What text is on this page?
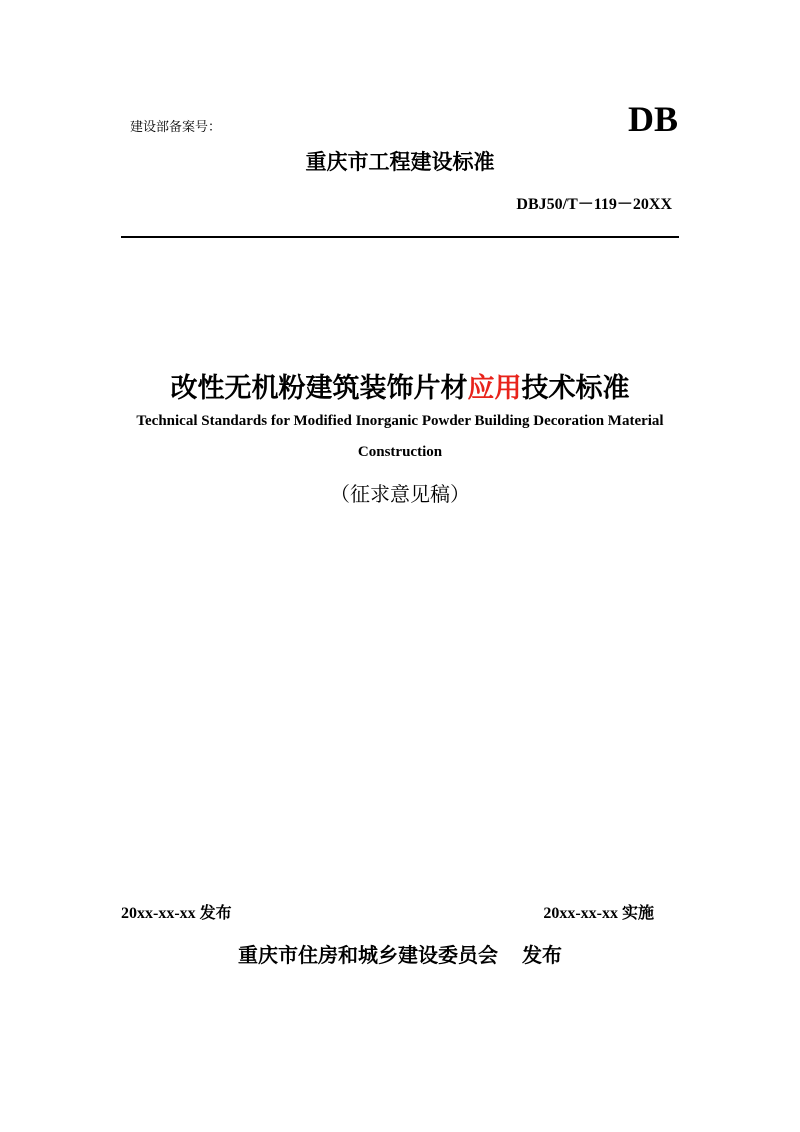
建设部备案号：	DB
重庆市工程建设标准
DBJ50/T－119－20XX
改性无机粉建筑装饰片材应用技术标准
Technical Standards for Modified Inorganic Powder Building Decoration Material
Construction
（征求意见稿）
20xx-xx-xx 发布	20xx-xx-xx 实施
重庆市住房和城乡建设委员会 发布
